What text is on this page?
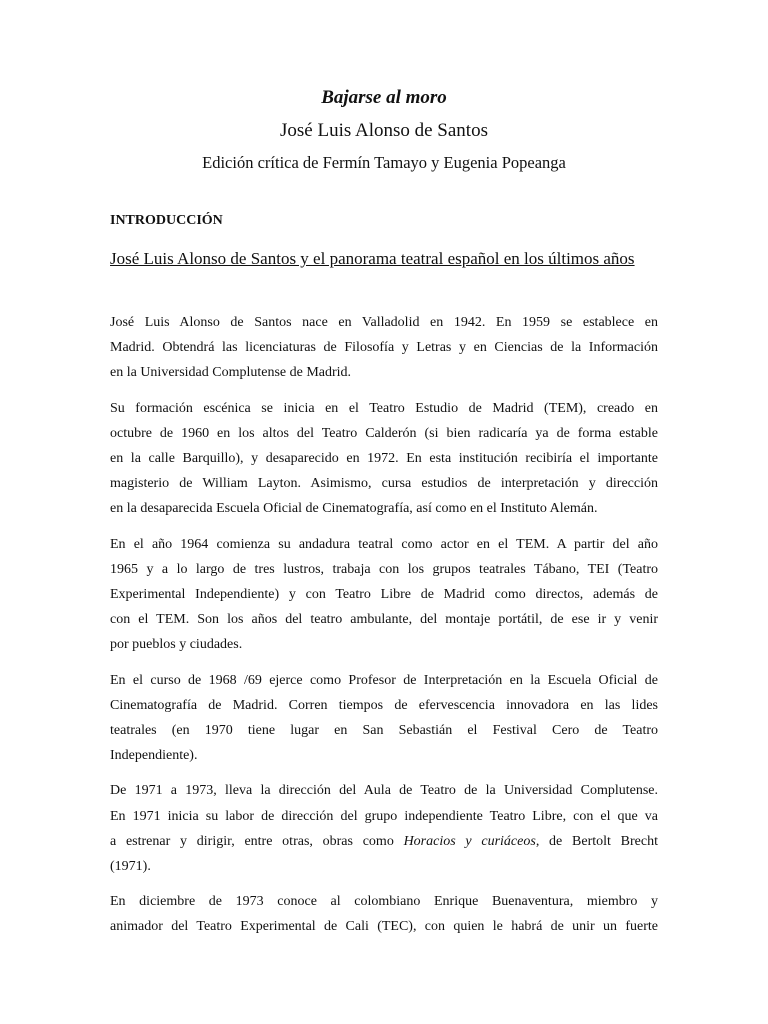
Bajarse al moro
José Luis Alonso de Santos
Edición crítica de Fermín Tamayo y Eugenia Popeanga
INTRODUCCIÓN
José Luis Alonso de Santos y el panorama teatral español en los últimos años

José Luis Alonso de Santos nace en Valladolid en 1942. En 1959 se establece en
Madrid. Obtendrá las licenciaturas de Filosofía y Letras y en Ciencias de la Información
en la Universidad Complutense de Madrid.

Su formación escénica se inicia en el Teatro Estudio de Madrid (TEM), creado en
octubre de 1960 en los altos del Teatro Calderón (si bien radicaría ya de forma estable
en la calle Barquillo), y desaparecido en 1972. En esta institución recibiría el importante
magisterio de William Layton. Asimismo, cursa estudios de interpretación y dirección
en la desaparecida Escuela Oficial de Cinematografía, así como en el Instituto Alemán.

En el año 1964 comienza su andadura teatral como actor en el TEM. A partir del año
1965 y a lo largo de tres lustros, trabaja con los grupos teatrales Tábano, TEI (Teatro
Experimental Independiente) y con Teatro Libre de Madrid como directos, además de
con el TEM. Son los años del teatro ambulante, del montaje portátil, de ese ir y venir
por pueblos y ciudades.

En el curso de 1968 /69 ejerce como Profesor de Interpretación en la Escuela Oficial de
Cinematografía de Madrid. Corren tiempos de efervescencia innovadora en las lides
teatrales (en 1970 tiene lugar en San Sebastián el Festival Cero de Teatro
Independiente).

De 1971 a 1973, lleva la dirección del Aula de Teatro de la Universidad Complutense.
En 1971 inicia su labor de dirección del grupo independiente Teatro Libre, con el que va
a estrenar y dirigir, entre otras, obras como Horacios y curiáceos, de Bertolt Brecht
(1971).

En diciembre de 1973 conoce al colombiano Enrique Buenaventura, miembro y
animador del Teatro Experimental de Cali (TEC), con quien le habrá de unir un fuerte
